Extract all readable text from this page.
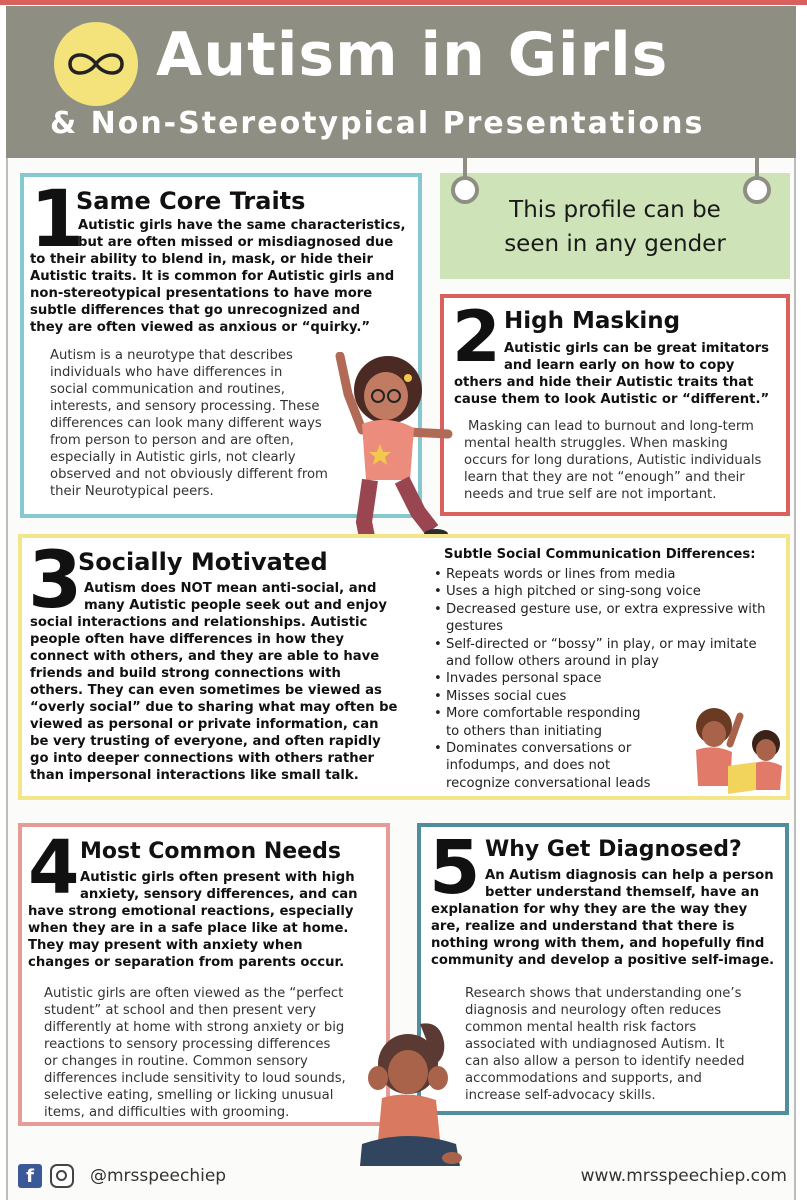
Autism in Girls
& Non-Stereotypical Presentations
1
Same Core Traits
Autistic girls have the same characteristics,
but are often missed or misdiagnosed due
to their ability to blend in, mask, or hide their
Autistic traits. It is common for Autistic girls and
non-stereotypical presentations to have more
subtle differences that go unrecognized and
they are often viewed as anxious or “quirky.”
Autism is a neurotype that describes
individuals who have differences in
social communication and routines,
interests, and sensory processing. These
differences can look many different ways
from person to person and are often,
especially in Autistic girls, not clearly
observed and not obviously different from
their Neurotypical peers.
This profile can be
seen in any gender
2 High Masking
Autistic girls can be great imitators
and learn early on how to copy
others and hide their Autistic traits that
cause them to look Autistic or “different.”
Masking can lead to burnout and long-term
mental health struggles. When masking
occurs for long durations, Autistic individuals
learn that they are not “enough” and their
needs and true self are not important.
3
Socially Motivated
Autism does NOT mean anti-social, and
many Autistic people seek out and enjoy
social interactions and relationships. Autistic
people often have differences in how they
connect with others, and they are able to have
friends and build strong connections with
others. They can even sometimes be viewed as
“overly social” due to sharing what may often be
viewed as personal or private information, can
be very trusting of everyone, and often rapidly
go into deeper connections with others rather
than impersonal interactions like small talk.
Subtle Social Communication Differences:
• Repeats words or lines from media
• Uses a high pitched or sing-song voice
• Decreased gesture use, or extra expressive with
gestures
• Self-directed or “bossy” in play, or may imitate
and follow others around in play
• Invades personal space
• Misses social cues
• More comfortable responding
to others than initiating
• Dominates conversations or
infodumps, and does not
recognize conversational leads
4 Most Common Needs
Autistic girls often present with high
anxiety, sensory differences, and can
have strong emotional reactions, especially
when they are in a safe place like at home.
They may present with anxiety when
changes or separation from parents occur.
Autistic girls are often viewed as the “perfect
student” at school and then present very
differently at home with strong anxiety or big
reactions to sensory processing differences
or changes in routine. Common sensory
differences include sensitivity to loud sounds,
selective eating, smelling or licking unusual
items, and difficulties with grooming.
5 Why Get Diagnosed?
An Autism diagnosis can help a person
better understand themself, have an
explanation for why they are the way they
are, realize and understand that there is
nothing wrong with them, and hopefully find
community and develop a positive self-image.
Research shows that understanding one’s
diagnosis and neurology often reduces
common mental health risk factors
associated with undiagnosed Autism. It
can also allow a person to identify needed
accommodations and supports, and
increase self-advocacy skills.
f	@mrsspeechiep	www.mrsspeechiep.com
